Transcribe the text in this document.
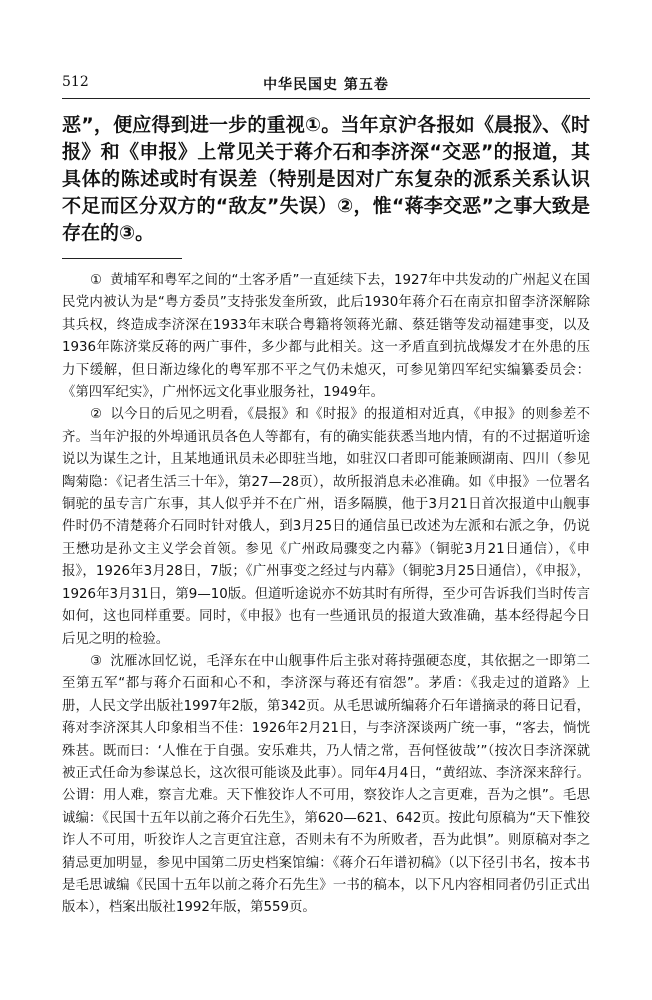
512	中华民国史 第五卷

恶”，便应得到进一步的重视①。当年京沪各报如《晨报》、《时报》和《申报》上常见关于蒋介石和李济深“交恶”的报道，其具体的陈述或时有误差（特别是因对广东复杂的派系关系认识不足而区分双方的“敌友”失误）②，惟“蒋李交恶”之事大致是存在的③。

① 黄埔军和粤军之间的“土客矛盾”一直延续下去，1927年中共发动的广州起义在国民党内被认为是“粤方委员”支持张发奎所致，此后1930年蒋介石在南京扣留李济深解除其兵权，终造成李济深在1933年末联合粤籍将领蒋光鼐、蔡廷锴等发动福建事变，以及1936年陈济棠反蒋的两广事件，多少都与此相关。这一矛盾直到抗战爆发才在外患的压力下缓解，但日渐边缘化的粤军那不平之气仍未熄灭，可参见第四军纪实编纂委员会：《第四军纪实》，广州怀远文化事业服务社，1949年。

② 以今日的后见之明看，《晨报》和《时报》的报道相对近真，《申报》的则参差不齐。当年沪报的外埠通讯员各色人等都有，有的确实能获悉当地内情，有的不过据道听途说以为谋生之计，且某地通讯员未必即驻当地，如驻汉口者即可能兼顾湖南、四川（参见陶菊隐：《记者生活三十年》，第27—28页），故所报消息未必准确。如《申报》一位署名铜驼的虽专言广东事，其人似乎并不在广州，语多隔膜，他于3月21日首次报道中山舰事件时仍不清楚蒋介石同时针对俄人，到3月25日的通信虽已改述为左派和右派之争，仍说王懋功是孙文主义学会首领。参见《广州政局骤变之内幕》（铜驼3月21日通信），《申报》，1926年3月28日，7版；《广州事变之经过与内幕》（铜驼3月25日通信），《申报》，1926年3月31日，第9—10版。但道听途说亦不妨其时有所得，至少可告诉我们当时传言如何，这也同样重要。同时，《申报》也有一些通讯员的报道大致准确，基本经得起今日后见之明的检验。

③ 沈雁冰回忆说，毛泽东在中山舰事件后主张对蒋持强硬态度，其依据之一即第二至第五军“都与蒋介石面和心不和，李济深与蒋还有宿怨”。茅盾：《我走过的道路》上册，人民文学出版社1997年2版，第342页。从毛思诚所编蒋介石年谱摘录的蒋日记看，蒋对李济深其人印象相当不佳：1926年2月21日，与李济深谈两广统一事，“客去，惝恍殊甚。既而曰：‘人惟在于自强。安乐难共，乃人情之常，吾何怪彼哉’”（按次日李济深就被正式任命为参谋总长，这次很可能谈及此事）。同年4月4日，“黄绍竑、李济深来辞行。公谓：用人难，察言尤难。天下惟狡诈人不可用，察狡诈人之言更难，吾为之惧”。毛思诚编：《民国十五年以前之蒋介石先生》，第620—621、642页。按此句原稿为“天下惟狡诈人不可用，听狡诈人之言更宜注意，否则未有不为所败者，吾为此惧”。则原稿对李之猜忌更加明显，参见中国第二历史档案馆编：《蒋介石年谱初稿》（以下径引书名，按本书是毛思诚编《民国十五年以前之蒋介石先生》一书的稿本，以下凡内容相同者仍引正式出版本），档案出版社1992年版，第559页。
